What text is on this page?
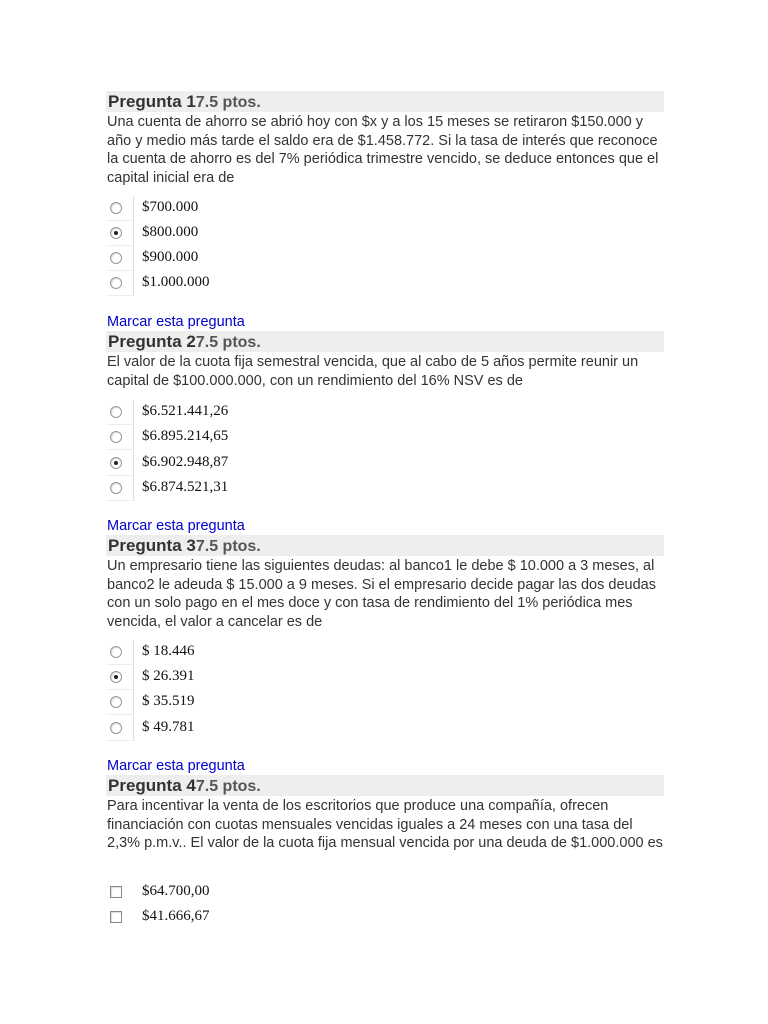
Pregunta 17.5 ptos.
Una cuenta de ahorro se abrió hoy con $x y a los 15 meses se retiraron $150.000 y año y medio más tarde el saldo era de $1.458.772. Si la tasa de interés que reconoce la cuenta de ahorro es del 7% periódica trimestre vencido, se deduce entonces que el capital inicial era de
$700.000
$800.000
$900.000
$1.000.000
Marcar esta pregunta
Pregunta 27.5 ptos.
El valor de la cuota fija semestral vencida, que al cabo de 5 años permite reunir un capital de $100.000.000, con un rendimiento del 16% NSV es de
$6.521.441,26
$6.895.214,65
$6.902.948,87
$6.874.521,31
Marcar esta pregunta
Pregunta 37.5 ptos.
Un empresario tiene las siguientes deudas: al banco1 le debe $ 10.000 a 3 meses, al banco2 le adeuda $ 15.000 a 9 meses. Si el empresario decide pagar las dos deudas con un solo pago en el mes doce y con tasa de rendimiento del 1% periódica mes vencida, el valor a cancelar es de
$ 18.446
$ 26.391
$ 35.519
$ 49.781
Marcar esta pregunta
Pregunta 47.5 ptos.
Para incentivar la venta de los escritorios que produce una compañía, ofrecen financiación con cuotas mensuales vencidas iguales a 24 meses con una tasa del 2,3% p.m.v.. El valor de la cuota fija mensual vencida por una deuda de $1.000.000 es
$64.700,00
$41.666,67
